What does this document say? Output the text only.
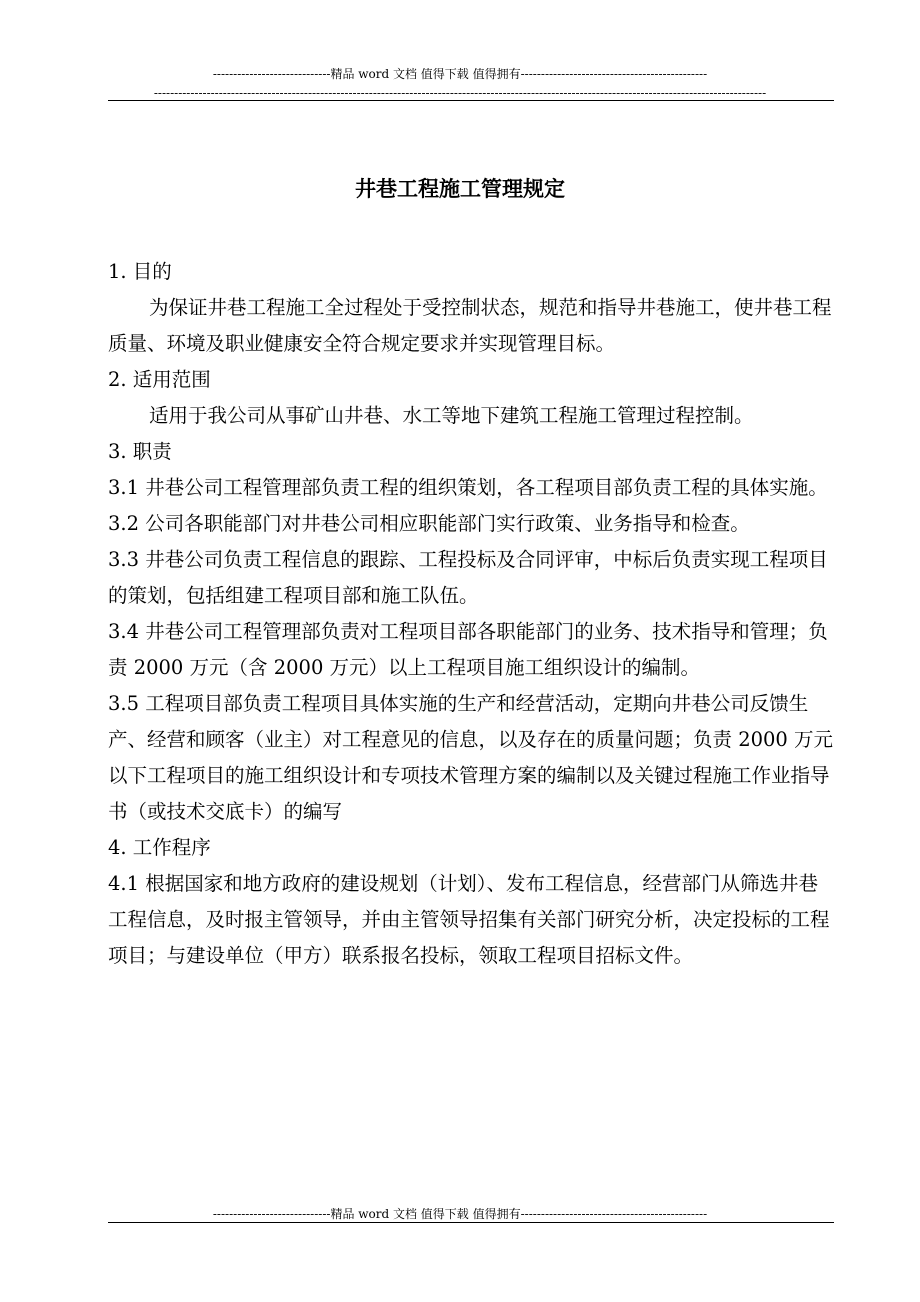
-----------------------------精品 word 文档 值得下载 值得拥有----------------------------------------------
-------------------------------------------------------------------------------------------------------------------------------------------------------
井巷工程施工管理规定

1. 目的

为保证井巷工程施工全过程处于受控制状态，规范和指导井巷施工，使井巷工程质量、环境及职业健康安全符合规定要求并实现管理目标。

2. 适用范围

适用于我公司从事矿山井巷、水工等地下建筑工程施工管理过程控制。

3. 职责

3.1 井巷公司工程管理部负责工程的组织策划，各工程项目部负责工程的具体实施。

3.2 公司各职能部门对井巷公司相应职能部门实行政策、业务指导和检查。

3.3 井巷公司负责工程信息的跟踪、工程投标及合同评审，中标后负责实现工程项目的策划，包括组建工程项目部和施工队伍。

3.4 井巷公司工程管理部负责对工程项目部各职能部门的业务、技术指导和管理；负责 2000 万元（含 2000 万元）以上工程项目施工组织设计的编制。

3.5 工程项目部负责工程项目具体实施的生产和经营活动，定期向井巷公司反馈生产、经营和顾客（业主）对工程意见的信息，以及存在的质量问题；负责 2000 万元以下工程项目的施工组织设计和专项技术管理方案的编制以及关键过程施工作业指导书（或技术交底卡）的编写

4. 工作程序

4.1 根据国家和地方政府的建设规划（计划）、发布工程信息，经营部门从筛选井巷工程信息，及时报主管领导，并由主管领导招集有关部门研究分析，决定投标的工程项目；与建设单位（甲方）联系报名投标，领取工程项目招标文件。

-----------------------------精品 word 文档 值得下载 值得拥有----------------------------------------------
